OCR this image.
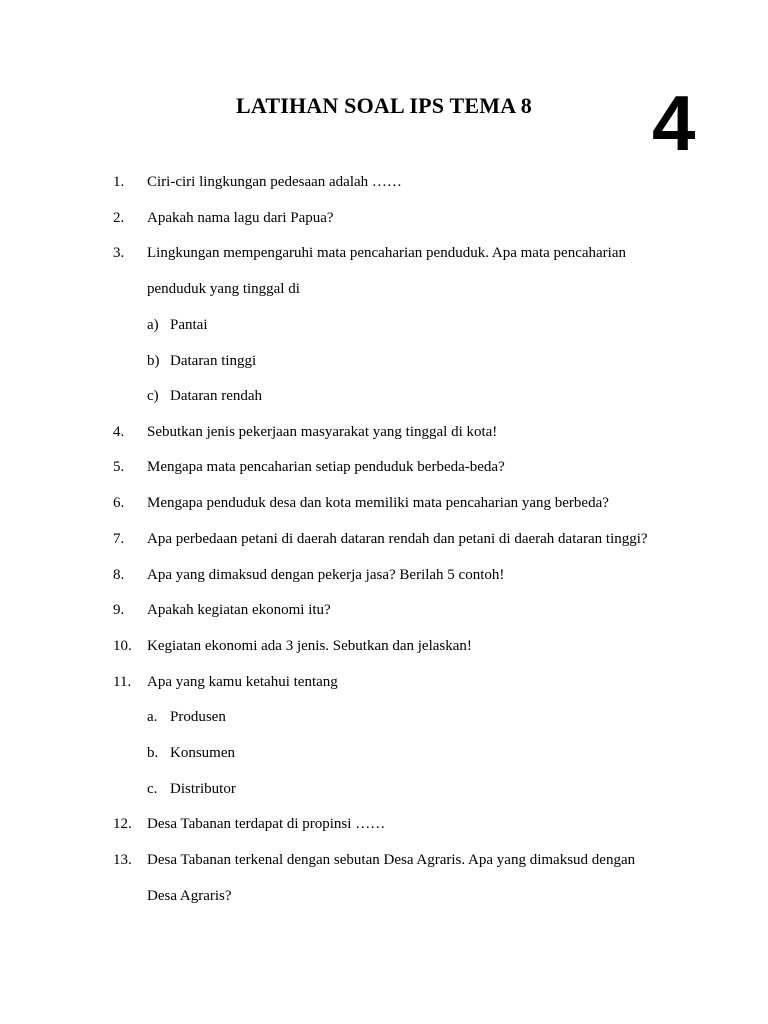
LATIHAN SOAL IPS TEMA 8	4
1. Ciri-ciri lingkungan pedesaan adalah ……
2. Apakah nama lagu dari Papua?
3. Lingkungan mempengaruhi mata pencaharian penduduk. Apa mata pencaharian
penduduk yang tinggal di
a) Pantai
b) Dataran tinggi
c) Dataran rendah
4. Sebutkan jenis pekerjaan masyarakat yang tinggal di kota!
5. Mengapa mata pencaharian setiap penduduk berbeda-beda?
6. Mengapa penduduk desa dan kota memiliki mata pencaharian yang berbeda?
7. Apa perbedaan petani di daerah dataran rendah dan petani di daerah dataran tinggi?
8. Apa yang dimaksud dengan pekerja jasa? Berilah 5 contoh!
9. Apakah kegiatan ekonomi itu?
10. Kegiatan ekonomi ada 3 jenis. Sebutkan dan jelaskan!
11. Apa yang kamu ketahui tentang
a. Produsen
b. Konsumen
c. Distributor
12. Desa Tabanan terdapat di propinsi ……
13. Desa Tabanan terkenal dengan sebutan Desa Agraris. Apa yang dimaksud dengan
Desa Agraris?
